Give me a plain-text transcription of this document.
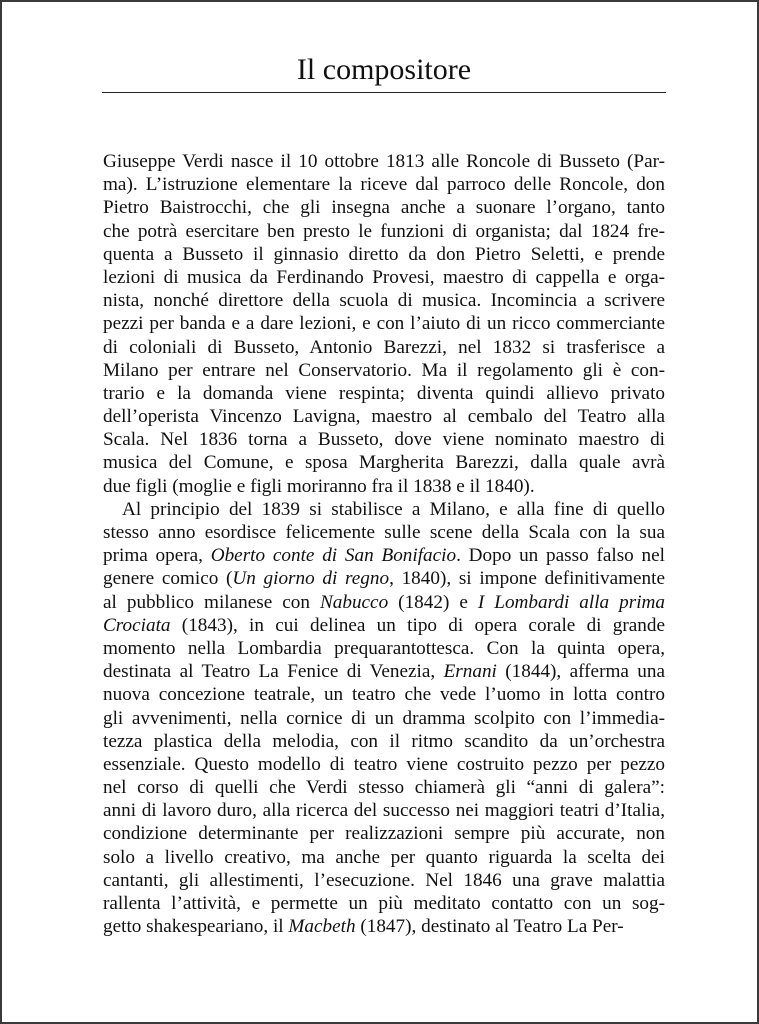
Il compositore
Giuseppe Verdi nasce il 10 ottobre 1813 alle Roncole di Busseto (Par-
ma). L’istruzione elementare la riceve dal parroco delle Roncole, don
Pietro Baistrocchi, che gli insegna anche a suonare l’organo, tanto
che potrà esercitare ben presto le funzioni di organista; dal 1824 fre-
quenta a Busseto il ginnasio diretto da don Pietro Seletti, e prende
lezioni di musica da Ferdinando Provesi, maestro di cappella e orga-
nista, nonché direttore della scuola di musica. Incomincia a scrivere
pezzi per banda e a dare lezioni, e con l’aiuto di un ricco commerciante
di coloniali di Busseto, Antonio Barezzi, nel 1832 si trasferisce a
Milano per entrare nel Conservatorio. Ma il regolamento gli è con-
trario e la domanda viene respinta; diventa quindi allievo privato
dell’operista Vincenzo Lavigna, maestro al cembalo del Teatro alla
Scala. Nel 1836 torna a Busseto, dove viene nominato maestro di
musica del Comune, e sposa Margherita Barezzi, dalla quale avrà
due figli (moglie e figli moriranno fra il 1838 e il 1840).
Al principio del 1839 si stabilisce a Milano, e alla fine di quello
stesso anno esordisce felicemente sulle scene della Scala con la sua
prima opera, Oberto conte di San Bonifacio. Dopo un passo falso nel
genere comico (Un giorno di regno, 1840), si impone definitivamente
al pubblico milanese con Nabucco (1842) e I Lombardi alla prima
Crociata (1843), in cui delinea un tipo di opera corale di grande
momento nella Lombardia prequarantottesca. Con la quinta opera,
destinata al Teatro La Fenice di Venezia, Ernani (1844), afferma una
nuova concezione teatrale, un teatro che vede l’uomo in lotta contro
gli avvenimenti, nella cornice di un dramma scolpito con l’immedia-
tezza plastica della melodia, con il ritmo scandito da un’orchestra
essenziale. Questo modello di teatro viene costruito pezzo per pezzo
nel corso di quelli che Verdi stesso chiamerà gli “anni di galera”:
anni di lavoro duro, alla ricerca del successo nei maggiori teatri d’Italia,
condizione determinante per realizzazioni sempre più accurate, non
solo a livello creativo, ma anche per quanto riguarda la scelta dei
cantanti, gli allestimenti, l’esecuzione. Nel 1846 una grave malattia
rallenta l’attività, e permette un più meditato contatto con un sog-
getto shakespeariano, il Macbeth (1847), destinato al Teatro La Per-
